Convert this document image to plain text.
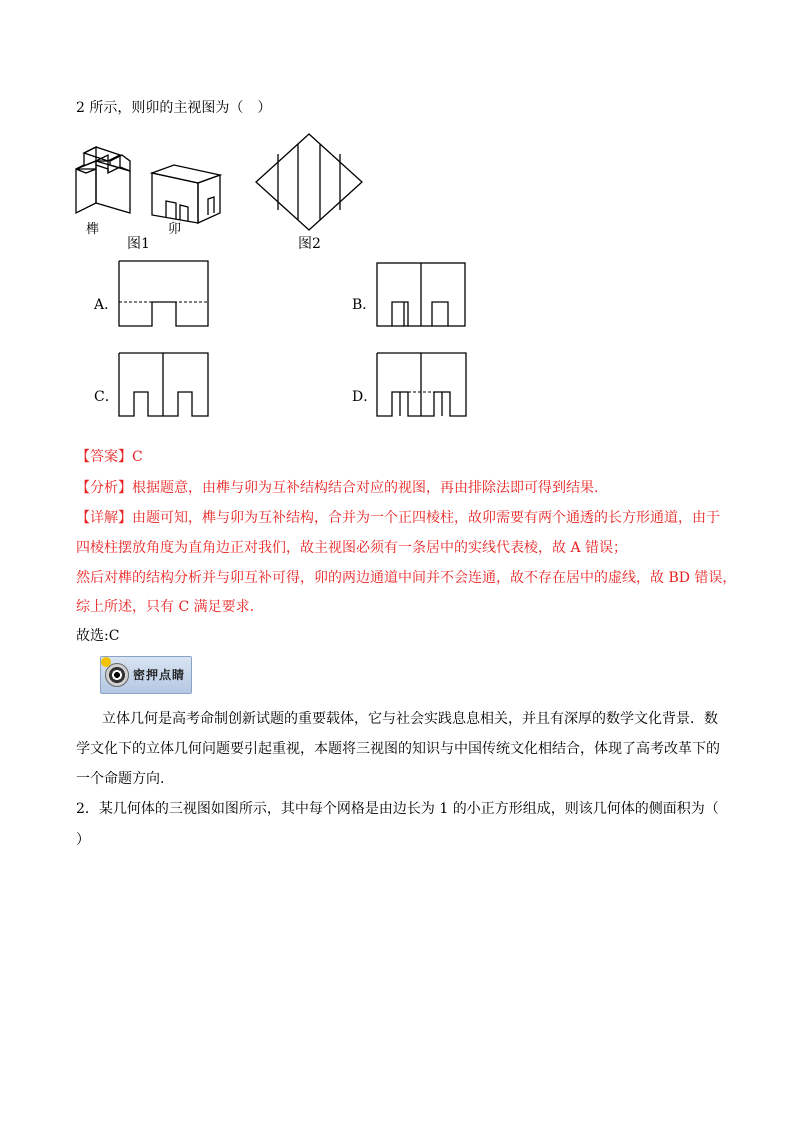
2 所示，则卯的主视图为（　）
榫	卯
图1	图2
A．	B．
C．	D．
【答案】C
【分析】根据题意，由榫与卯为互补结构结合对应的视图，再由排除法即可得到结果.
【详解】由题可知，榫与卯为互补结构，合并为一个正四棱柱，故卯需要有两个通透的长方形通道，由于
四棱柱摆放角度为直角边正对我们，故主视图必须有一条居中的实线代表棱，故 A 错误；
然后对榫的结构分析并与卯互补可得，卯的两边通道中间并不会连通，故不存在居中的虚线，故 BD 错误，
综上所述，只有 C 满足要求.
故选:C
密押点睛
立体几何是高考命制创新试题的重要载体，它与社会实践息息相关，并且有深厚的数学文化背景．数
学文化下的立体几何问题要引起重视，本题将三视图的知识与中国传统文化相结合，体现了高考改革下的
一个命题方向.
2．某几何体的三视图如图所示，其中每个网格是由边长为 1 的小正方形组成，则该几何体的侧面积为（
）
